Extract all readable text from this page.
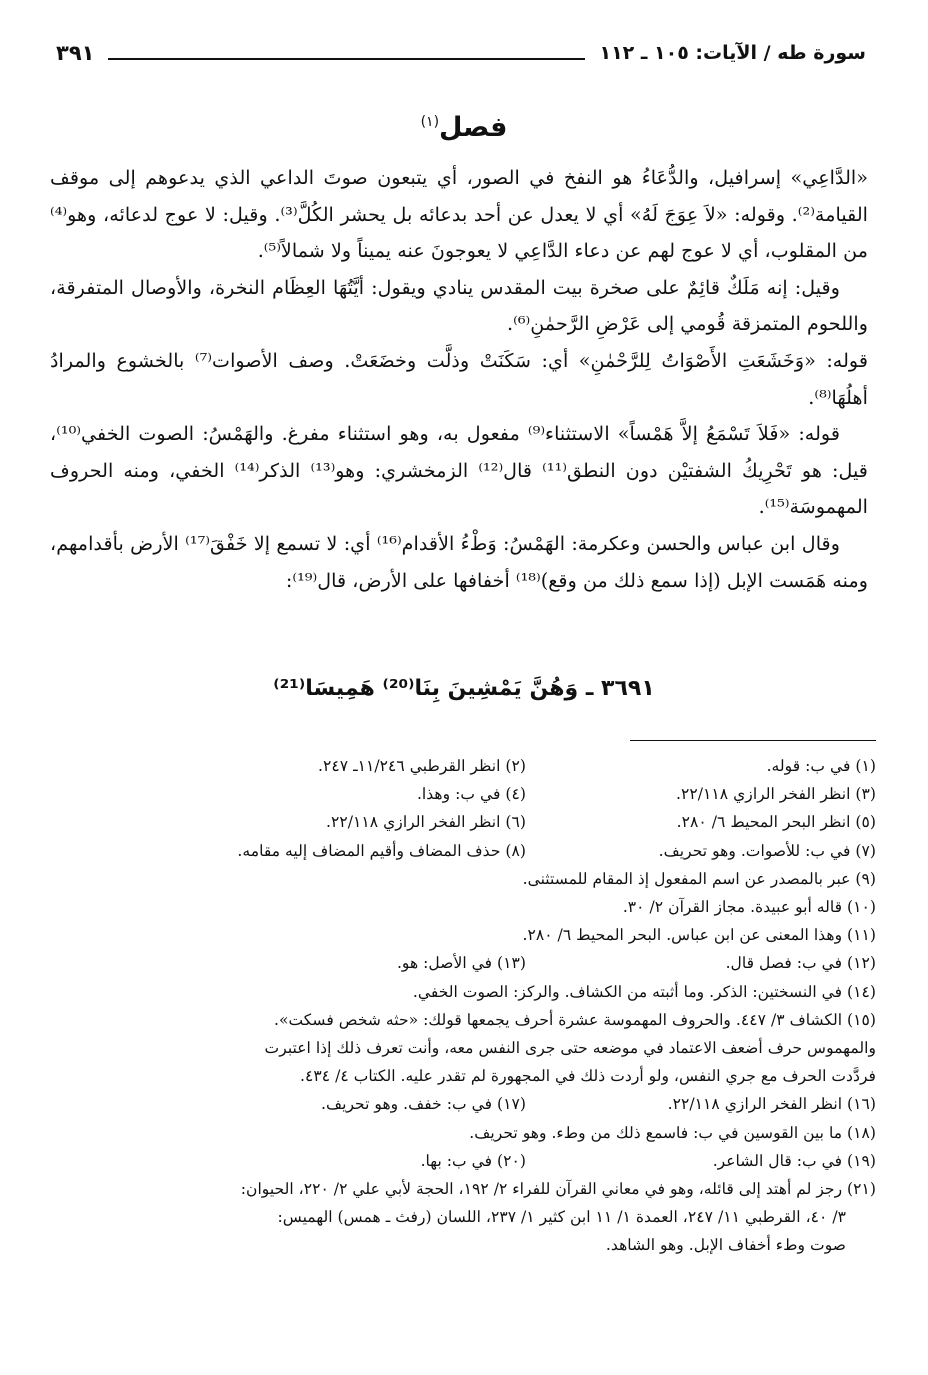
سورة طه / الآيات: ١٠٥ ـ ١١٢
٣٩١
فصل$^{(١)}$

«الدَّاعِي» إسرافيل، والدُّعَاءُ هو النفخ في الصور، أي يتبعون صوتَ الداعي الذي يدعوهم إلى موقف القيامة⁽²⁾. وقوله: «لاَ عِوَجَ لَهُ» أي لا يعدل عن أحد بدعائه بل يحشر الكُلَّ⁽³⁾. وقيل: لا عوج لدعائه، وهو⁽⁴⁾ من المقلوب، أي لا عوج لهم عن دعاء الدَّاعِي لا يعوجونَ عنه يميناً ولا شمالاً⁽⁵⁾.

وقيل: إنه مَلَكٌ قائِمٌ على صخرة بيت المقدس ينادي ويقول: أيَّتُهَا العِظَام النخرة، والأوصال المتفرقة، واللحوم المتمزقة قُومي إلى عَرْضِ الرَّحمٰنِ⁽⁶⁾.

قوله: «وَخَشَعَتِ الأَصْوَاتُ لِلرَّحْمٰنِ» أي: سَكَنَتْ وذلَّت وخضَعَتْ. وصف الأصوات⁽⁷⁾ بالخشوع والمرادُ أهلُهَا⁽⁸⁾.

قوله: «فَلاَ تَسْمَعُ إلاَّ هَمْساً» الاستثناء⁽⁹⁾ مفعول به، وهو استثناء مفرغ. والهَمْسُ: الصوت الخفي⁽¹⁰⁾، قيل: هو تَحْرِيكُ الشفتيْن دون النطق⁽¹¹⁾ قال⁽¹²⁾ الزمخشري: وهو⁽¹³⁾ الذكر⁽¹⁴⁾ الخفي، ومنه الحروف المهموسَة⁽¹⁵⁾.

وقال ابن عباس والحسن وعكرمة: الهَمْسُ: وَطْءُ الأقدام⁽¹⁶⁾ أي: لا تسمع إلا خَفْقَ⁽¹⁷⁾ الأرض بأقدامهم، ومنه هَمَست الإبل (إذا سمع ذلك من وقع)⁽¹⁸⁾ أخفافها على الأرض، قال⁽¹⁹⁾:

٣٦٩١ ـ وَهُنَّ يَمْشِينَ بِنَا⁽²⁰⁾ هَمِيسَا⁽²¹⁾
(١) في ب: قوله.
(٢) انظر القرطبي ١١/٢٤٦ـ ٢٤٧.
(٣) انظر الفخر الرازي ٢٢/١١٨.
(٤) في ب: وهذا.
(٥) انظر البحر المحيط ٦/ ٢٨٠.
(٦) انظر الفخر الرازي ٢٢/١١٨.
(٧) في ب: للأصوات. وهو تحريف.
(٨) حذف المضاف وأقيم المضاف إليه مقامه.
(٩) عبر بالمصدر عن اسم المفعول إذ المقام للمستثنى.
(١٠) قاله أبو عبيدة. مجاز القرآن ٢/ ٣٠.
(١١) وهذا المعنى عن ابن عباس. البحر المحيط ٦/ ٢٨٠.
(١٢) في ب: فصل قال.
(١٣) في الأصل: هو.
(١٤) في النسختين: الذكر. وما أثبته من الكشاف. والركز: الصوت الخفي.
(١٥) الكشاف ٣/ ٤٤٧. والحروف المهموسة عشرة أحرف يجمعها قولك: «حثه شخص فسكت».
والمهموس حرف أضعف الاعتماد في موضعه حتى جرى النفس معه، وأنت تعرف ذلك إذا اعتبرت
فردَّدت الحرف مع جري النفس، ولو أردت ذلك في المجهورة لم تقدر عليه. الكتاب ٤/ ٤٣٤.
(١٦) انظر الفخر الرازي ٢٢/١١٨.
(١٧) في ب: خفف. وهو تحريف.
(١٨) ما بين القوسين في ب: فاسمع ذلك من وطء. وهو تحريف.
(١٩) في ب: قال الشاعر.
(٢٠) في ب: بها.
(٢١) رجز لم أهتد إلى قائله، وهو في معاني القرآن للفراء ٢/ ١٩٢، الحجة لأبي علي ٢/ ٢٢٠، الحيوان:
٣/ ٤٠، القرطبي ١١/ ٢٤٧، العمدة ١/ ١١ ابن كثير ١/ ٢٣٧، اللسان (رفث ـ همس) الهميس:
صوت وطء أخفاف الإبل. وهو الشاهد.
